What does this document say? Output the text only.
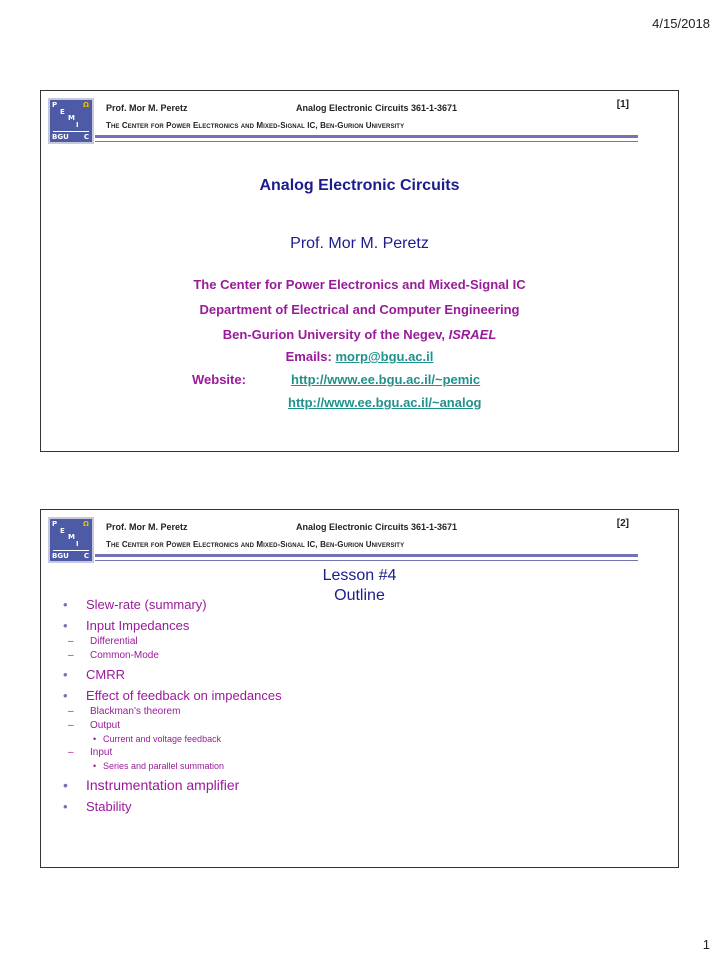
4/15/2018
P	Ω
E
M
I
BGU C
Prof. Mor M. Peretz	Analog Electronic Circuits 361-1-3671	[1]
The Center for Power Electronics and Mixed-Signal IC, Ben-Gurion University
Analog Electronic Circuits
Prof. Mor M. Peretz
The Center for Power Electronics and Mixed-Signal IC
Department of Electrical and Computer Engineering
Ben-Gurion University of the Negev, ISRAEL
Emails: morp@bgu.ac.il
Website:	http://www.ee.bgu.ac.il/~pemic
http://www.ee.bgu.ac.il/~analog
P	Ω
E
M
I
BGU C
Prof. Mor M. Peretz	Analog Electronic Circuits 361-1-3671	[2]
The Center for Power Electronics and Mixed-Signal IC, Ben-Gurion University
Lesson #4
Outline
• Slew-rate (summary)
• Input Impedances
– Differential
– Common-Mode
• CMRR
• Effect of feedback on impedances
– Blackman’s theorem
– Output
• Current and voltage feedback
– Input
• Series and parallel summation
• Instrumentation amplifier
• Stability
1
